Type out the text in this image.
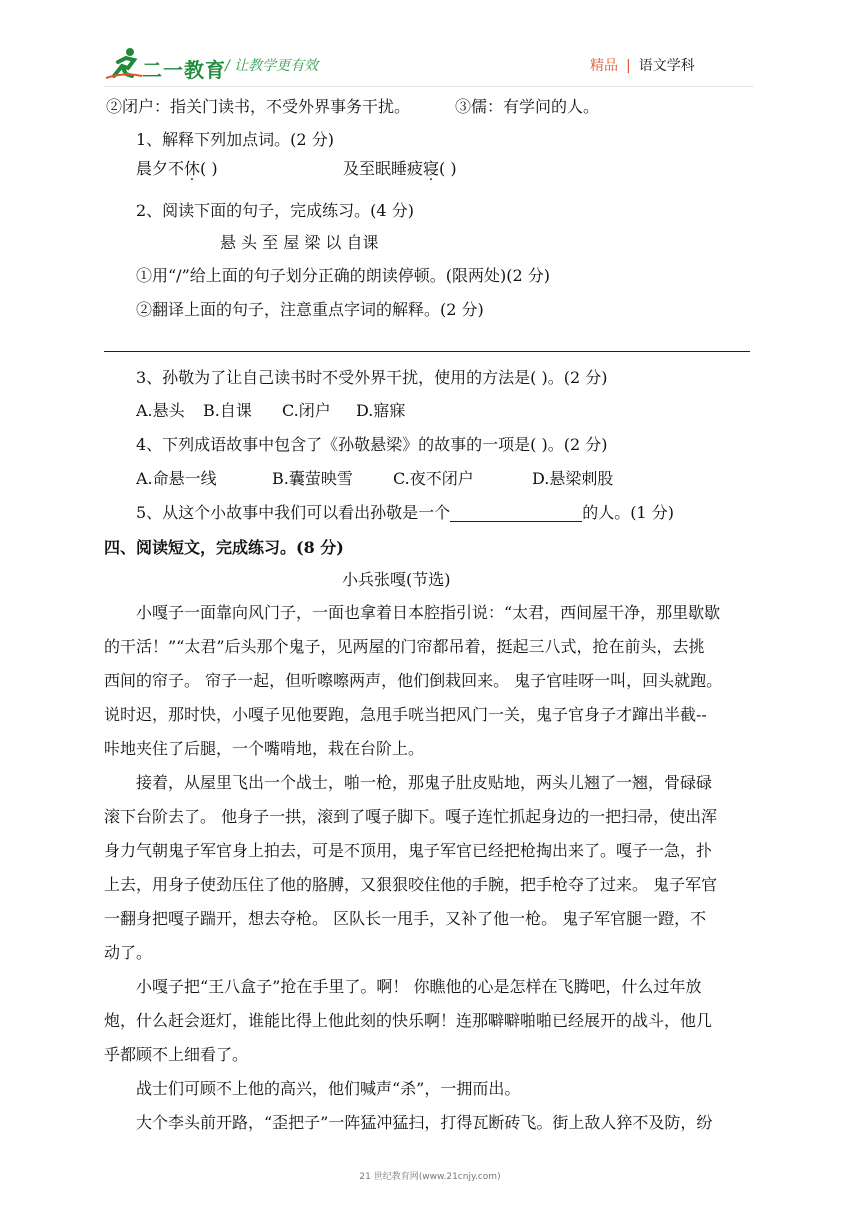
二一教育 / 让教学更有效	精品 | 语文学科
②闭户：指关门读书，不受外界事务干扰。	③儒：有学问的人。
1、解释下列加点词。(2 分)
晨夕不休( )	及至眠睡疲寝( )
2、阅读下面的句子，完成练习。(4 分)
悬 头 至 屋 梁 以 自课
①用“/”给上面的句子划分正确的朗读停顿。(限两处)(2 分)
②翻译上面的句子，注意重点字词的解释。(2 分)
3、孙敬为了让自己读书时不受外界干扰，使用的方法是( )。(2 分)
A.悬头 B.自课 C.闭户 D.寤寐
4、下列成语故事中包含了《孙敬悬梁》的故事的一项是( )。(2 分)
A.命悬一线	B.囊萤映雪	C.夜不闭户	D.悬梁刺股
5、从这个小故事中我们可以看出孙敬是一个	的人。(1 分)
四、阅读短文，完成练习。(8 分)
小兵张嘎(节选)
小嘎子一面靠向风门子，一面也拿着日本腔指引说：“太君，西间屋干净，那里歇歇
的干活！”“太君”后头那个鬼子，见两屋的门帘都吊着，挺起三八式，抢在前头，去挑
西间的帘子。 帘子一起，但听嚓嚓两声，他们倒栽回来。 鬼子官哇呀一叫，回头就跑。
说时迟，那时快，小嘎子见他要跑，急甩手咣当把风门一关，鬼子官身子才蹿出半截--
咔地夹住了后腿，一个嘴啃地，栽在台阶上。
接着，从屋里飞出一个战士，啪一枪，那鬼子肚皮贴地，两头儿翘了一翘，骨碌碌
滚下台阶去了。 他身子一拱，滚到了嘎子脚下。嘎子连忙抓起身边的一把扫帚，使出浑
身力气朝鬼子军官身上拍去，可是不顶用，鬼子军官已经把枪掏出来了。嘎子一急，扑
上去，用身子使劲压住了他的胳膊，又狠狠咬住他的手腕，把手枪夺了过来。 鬼子军官
一翻身把嘎子踹开，想去夺枪。 区队长一甩手，又补了他一枪。 鬼子军官腿一蹬，不
动了。
小嘎子把“王八盒子”抢在手里了。啊！ 你瞧他的心是怎样在飞腾吧，什么过年放
炮，什么赶会逛灯，谁能比得上他此刻的快乐啊！连那噼噼啪啪已经展开的战斗，他几
乎都顾不上细看了。
战士们可顾不上他的高兴，他们喊声“杀”，一拥而出。
大个李头前开路，“歪把子”一阵猛冲猛扫，打得瓦断砖飞。街上敌人猝不及防，纷
21 世纪教育网(www.21cnjy.com)
